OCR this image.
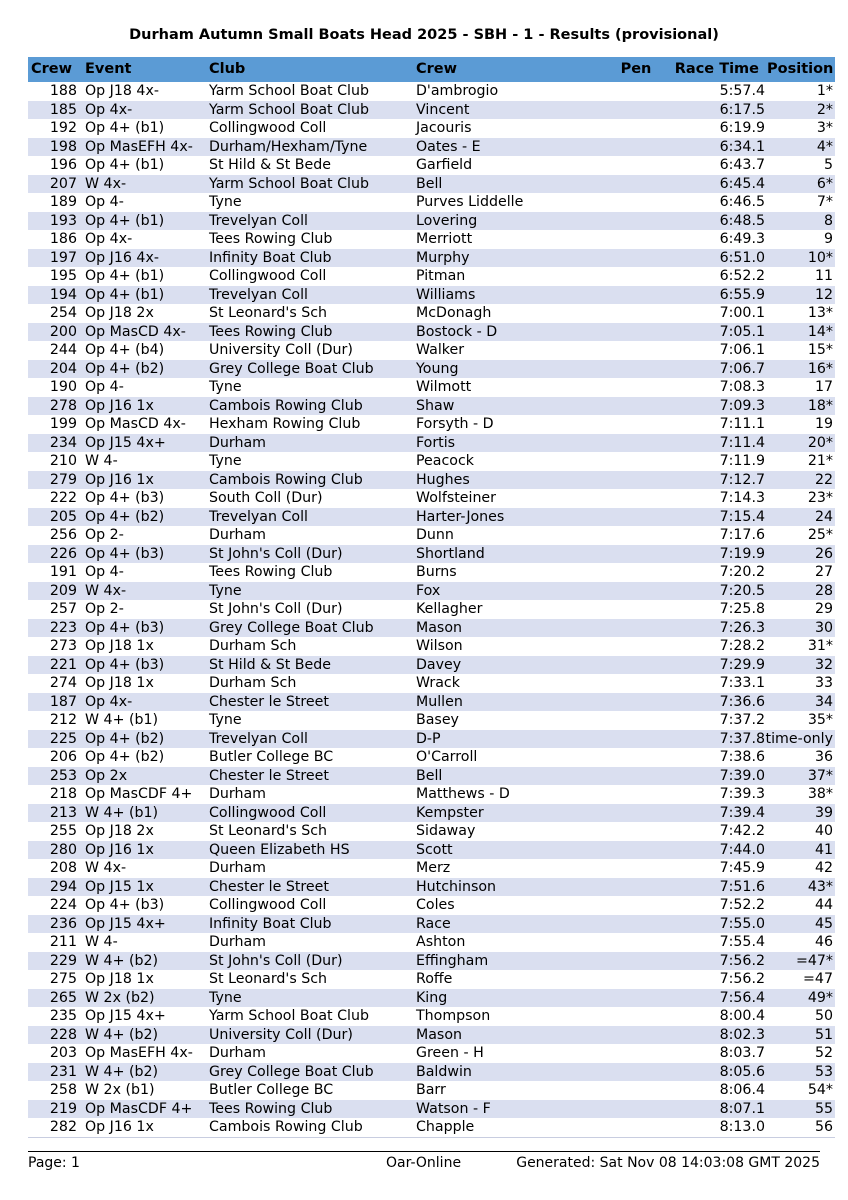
Durham Autumn Small Boats Head 2025 - SBH - 1 - Results (provisional)
Crew	Event	Club	Crew	Pen	Race Time	Position
188	Op J18 4x-	Yarm School Boat Club	D'ambrogio		5:57.4	1*
185	Op 4x-	Yarm School Boat Club	Vincent		6:17.5	2*
192	Op 4+ (b1)	Collingwood Coll	Jacouris		6:19.9	3*
198	Op MasEFH 4x-	Durham/Hexham/Tyne	Oates - E		6:34.1	4*
196	Op 4+ (b1)	St Hild & St Bede	Garfield		6:43.7	5
207	W 4x-	Yarm School Boat Club	Bell		6:45.4	6*
189	Op 4-	Tyne	Purves Liddelle		6:46.5	7*
193	Op 4+ (b1)	Trevelyan Coll	Lovering		6:48.5	8
186	Op 4x-	Tees Rowing Club	Merriott		6:49.3	9
197	Op J16 4x-	Infinity Boat Club	Murphy		6:51.0	10*
195	Op 4+ (b1)	Collingwood Coll	Pitman		6:52.2	11
194	Op 4+ (b1)	Trevelyan Coll	Williams		6:55.9	12
254	Op J18 2x	St Leonard's Sch	McDonagh		7:00.1	13*
200	Op MasCD 4x-	Tees Rowing Club	Bostock - D		7:05.1	14*
244	Op 4+ (b4)	University Coll (Dur)	Walker		7:06.1	15*
204	Op 4+ (b2)	Grey College Boat Club	Young		7:06.7	16*
190	Op 4-	Tyne	Wilmott		7:08.3	17
278	Op J16 1x	Cambois Rowing Club	Shaw		7:09.3	18*
199	Op MasCD 4x-	Hexham Rowing Club	Forsyth - D		7:11.1	19
234	Op J15 4x+	Durham	Fortis		7:11.4	20*
210	W 4-	Tyne	Peacock		7:11.9	21*
279	Op J16 1x	Cambois Rowing Club	Hughes		7:12.7	22
222	Op 4+ (b3)	South Coll (Dur)	Wolfsteiner		7:14.3	23*
205	Op 4+ (b2)	Trevelyan Coll	Harter-Jones		7:15.4	24
256	Op 2-	Durham	Dunn		7:17.6	25*
226	Op 4+ (b3)	St John's Coll (Dur)	Shortland		7:19.9	26
191	Op 4-	Tees Rowing Club	Burns		7:20.2	27
209	W 4x-	Tyne	Fox		7:20.5	28
257	Op 2-	St John's Coll (Dur)	Kellagher		7:25.8	29
223	Op 4+ (b3)	Grey College Boat Club	Mason		7:26.3	30
273	Op J18 1x	Durham Sch	Wilson		7:28.2	31*
221	Op 4+ (b3)	St Hild & St Bede	Davey		7:29.9	32
274	Op J18 1x	Durham Sch	Wrack		7:33.1	33
187	Op 4x-	Chester le Street	Mullen		7:36.6	34
212	W 4+ (b1)	Tyne	Basey		7:37.2	35*
225	Op 4+ (b2)	Trevelyan Coll	D-P		7:37.8	time-only
206	Op 4+ (b2)	Butler College BC	O'Carroll		7:38.6	36
253	Op 2x	Chester le Street	Bell		7:39.0	37*
218	Op MasCDF 4+	Durham	Matthews - D		7:39.3	38*
213	W 4+ (b1)	Collingwood Coll	Kempster		7:39.4	39
255	Op J18 2x	St Leonard's Sch	Sidaway		7:42.2	40
280	Op J16 1x	Queen Elizabeth HS	Scott		7:44.0	41
208	W 4x-	Durham	Merz		7:45.9	42
294	Op J15 1x	Chester le Street	Hutchinson		7:51.6	43*
224	Op 4+ (b3)	Collingwood Coll	Coles		7:52.2	44
236	Op J15 4x+	Infinity Boat Club	Race		7:55.0	45
211	W 4-	Durham	Ashton		7:55.4	46
229	W 4+ (b2)	St John's Coll (Dur)	Effingham		7:56.2	=47*
275	Op J18 1x	St Leonard's Sch	Roffe		7:56.2	=47
265	W 2x (b2)	Tyne	King		7:56.4	49*
235	Op J15 4x+	Yarm School Boat Club	Thompson		8:00.4	50
228	W 4+ (b2)	University Coll (Dur)	Mason		8:02.3	51
203	Op MasEFH 4x-	Durham	Green - H		8:03.7	52
231	W 4+ (b2)	Grey College Boat Club	Baldwin		8:05.6	53
258	W 2x (b1)	Butler College BC	Barr		8:06.4	54*
219	Op MasCDF 4+	Tees Rowing Club	Watson - F		8:07.1	55
282	Op J16 1x	Cambois Rowing Club	Chapple		8:13.0	56
Page: 1	Oar-Online	Generated: Sat Nov 08 14:03:08 GMT 2025
